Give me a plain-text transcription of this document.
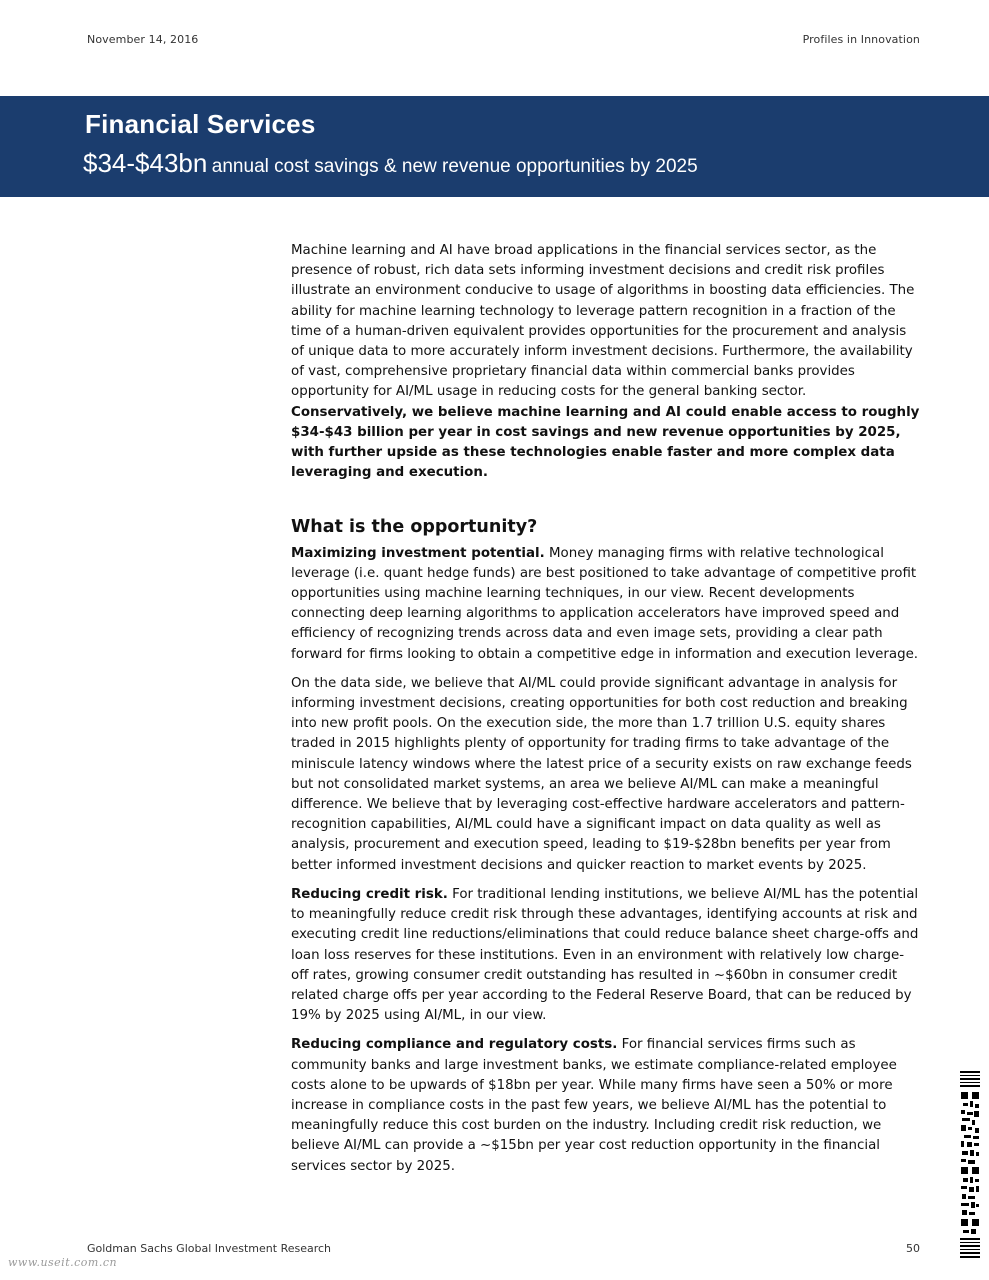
November 14, 2016	Profiles in Innovation
Financial Services
$34-$43bn annual cost savings & new revenue opportunities by 2025

Machine learning and AI have broad applications in the financial services sector, as the presence of robust, rich data sets informing investment decisions and credit risk profiles illustrate an environment conducive to usage of algorithms in boosting data efficiencies. The ability for machine learning technology to leverage pattern recognition in a fraction of the time of a human-driven equivalent provides opportunities for the procurement and analysis of unique data to more accurately inform investment decisions. Furthermore, the availability of vast, comprehensive proprietary financial data within commercial banks provides opportunity for AI/ML usage in reducing costs for the general banking sector. Conservatively, we believe machine learning and AI could enable access to roughly $34-$43 billion per year in cost savings and new revenue opportunities by 2025, with further upside as these technologies enable faster and more complex data leveraging and execution.

What is the opportunity?

Maximizing investment potential. Money managing firms with relative technological leverage (i.e. quant hedge funds) are best positioned to take advantage of competitive profit opportunities using machine learning techniques, in our view. Recent developments connecting deep learning algorithms to application accelerators have improved speed and efficiency of recognizing trends across data and even image sets, providing a clear path forward for firms looking to obtain a competitive edge in information and execution leverage.

On the data side, we believe that AI/ML could provide significant advantage in analysis for informing investment decisions, creating opportunities for both cost reduction and breaking into new profit pools. On the execution side, the more than 1.7 trillion U.S. equity shares traded in 2015 highlights plenty of opportunity for trading firms to take advantage of the miniscule latency windows where the latest price of a security exists on raw exchange feeds but not consolidated market systems, an area we believe AI/ML can make a meaningful difference. We believe that by leveraging cost-effective hardware accelerators and pattern-recognition capabilities, AI/ML could have a significant impact on data quality as well as analysis, procurement and execution speed, leading to $19-$28bn benefits per year from better informed investment decisions and quicker reaction to market events by 2025.

Reducing credit risk. For traditional lending institutions, we believe AI/ML has the potential to meaningfully reduce credit risk through these advantages, identifying accounts at risk and executing credit line reductions/eliminations that could reduce balance sheet charge-offs and loan loss reserves for these institutions. Even in an environment with relatively low charge-off rates, growing consumer credit outstanding has resulted in ~$60bn in consumer credit related charge offs per year according to the Federal Reserve Board, that can be reduced by 19% by 2025 using AI/ML, in our view.

Reducing compliance and regulatory costs. For financial services firms such as community banks and large investment banks, we estimate compliance-related employee costs alone to be upwards of $18bn per year. While many firms have seen a 50% or more increase in compliance costs in the past few years, we believe AI/ML has the potential to meaningfully reduce this cost burden on the industry. Including credit risk reduction, we believe AI/ML can provide a ~$15bn per year cost reduction opportunity in the financial services sector by 2025.

Goldman Sachs Global Investment Research	50
www.useit.com.cn
